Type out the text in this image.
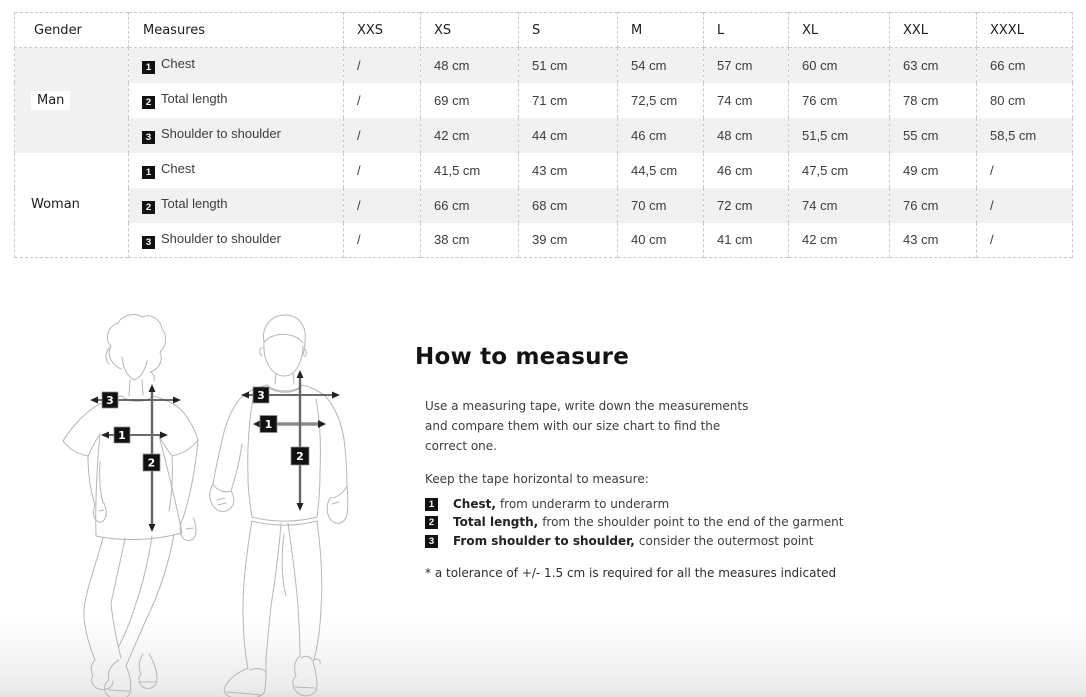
Gender	Measures	XXS	XS	S	M	L	XL	XXL	XXXL
Man	1 Chest	/	48 cm	51 cm	54 cm	57 cm	60 cm	63 cm	66 cm
	2 Total length	/	69 cm	71 cm	72,5 cm	74 cm	76 cm	78 cm	80 cm
	3 Shoulder to shoulder	/	42 cm	44 cm	46 cm	48 cm	51,5 cm	55 cm	58,5 cm
Woman	1 Chest	/	41,5 cm	43 cm	44,5 cm	46 cm	47,5 cm	49 cm	/
	2 Total length	/	66 cm	68 cm	70 cm	72 cm	74 cm	76 cm	/
	3 Shoulder to shoulder	/	38 cm	39 cm	40 cm	41 cm	42 cm	43 cm	/
3
1
2
3
1
2
How to measure

Use a measuring tape, write down the measurements and compare them with our size chart to find the correct one.

Keep the tape horizontal to measure:

1	Chest, from underarm to underarm
2	Total length, from the shoulder point to the end of the garment
3	From shoulder to shoulder, consider the outermost point

* a tolerance of +/- 1.5 cm is required for all the measures indicated
